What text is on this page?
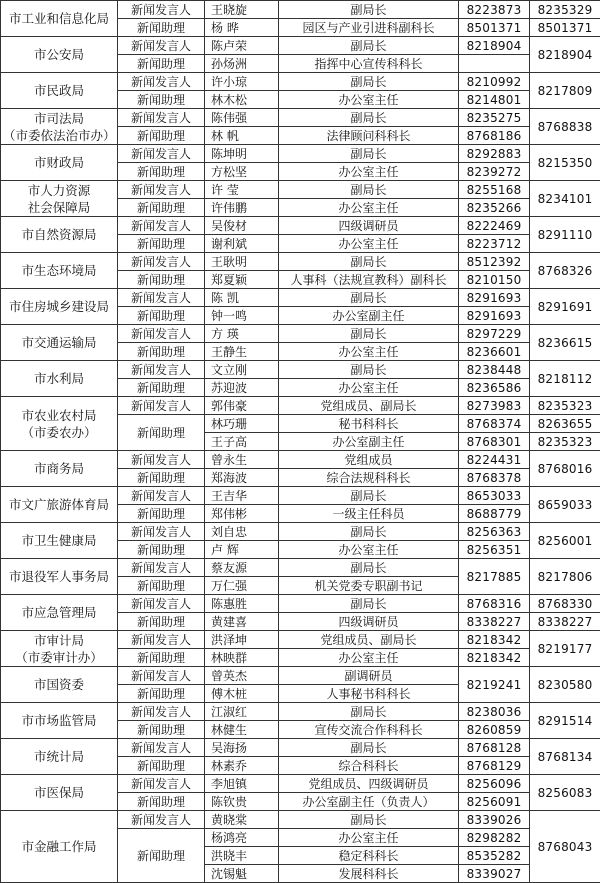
市工业和信息化局	新闻发言人	王晓旋	副局长	8223873	8235329
	新闻助理	杨 晔	园区与产业引进科副科长	8501371	8501371

市公安局	新闻发言人	陈卢荣	副局长	8218904	8218904
	新闻助理	孙炀洲	指挥中心宣传科科长		

市民政局	新闻发言人	许小琼	副局长	8210992	8217809
	新闻助理	林木松	办公室主任	8214801	

市司法局
（市委依法治市办）	新闻发言人	陈伟强	副局长	8235275	8768838
	新闻助理	林 帆	法律顾问科科长	8768186	

市财政局	新闻发言人	陈坤明	副局长	8292883	8215350
	新闻助理	方松坚	办公室主任	8239272	

市人力资源
社会保障局	新闻发言人	许 莹	副局长	8255168	8234101
	新闻助理	许伟鹏	办公室主任	8235266	

市自然资源局	新闻发言人	吴俊材	四级调研员	8222469	8291110
	新闻助理	谢利斌	办公室主任	8223712	

市生态环境局	新闻发言人	王耿明	副局长	8512392	8768326
	新闻助理	郑夏颖	人事科（法规宣教科）副科长	8210150	

市住房城乡建设局	新闻发言人	陈 凯	副局长	8291693	8291691
	新闻助理	钟一鸣	办公室副主任	8291693	

市交通运输局	新闻发言人	方 瑛	副局长	8297229	8236615
	新闻助理	王静生	办公室主任	8236601	

市水利局	新闻发言人	文立刚	副局长	8238448	8218112
	新闻助理	苏迎波	办公室主任	8236586	

市农业农村局
（市委农办）	新闻发言人	郭伟豪	党组成员、副局长	8273983	8235323
	新闻助理	林巧珊	秘书科科长	8768374	8263655
		王子高	办公室副主任	8768301	8235323

市商务局	新闻发言人	曾永生	党组成员	8224431	8768016
	新闻助理	郑海波	综合法规科科长	8768378	

市文广旅游体育局	新闻发言人	王吉华	副局长	8653033	8659033
	新闻助理	郑伟彬	一级主任科员	8688779	

市卫生健康局	新闻发言人	刘自忠	副局长	8256363	8256001
	新闻助理	卢 辉	办公室主任	8256351	

市退役军人事务局	新闻发言人	蔡友源	副局长	8217885	8217806
	新闻助理	万仁强	机关党委专职副书记		

市应急管理局	新闻发言人	陈惠胜	副局长	8768316	8768330
	新闻助理	黄建喜	四级调研员	8338227	8338227

市审计局
（市委审计办）	新闻发言人	洪泽坤	党组成员、副局长	8218342	8219177
	新闻助理	林映群	办公室主任	8218342	

市国资委	新闻发言人	曾英杰	副调研员	8219241	8230580
	新闻助理	傅木桩	人事秘书科科长		

市市场监管局	新闻发言人	江淑红	副局长	8238036	8291514
	新闻助理	林健生	宣传交流合作科科长	8260859	

市统计局	新闻发言人	吴海扬	副局长	8768128	8768134
	新闻助理	林素乔	综合科科长	8768129	

市医保局	新闻发言人	李旭镇	党组成员、四级调研员	8256096	8256083
	新闻助理	陈钦贵	办公室副主任（负责人）	8256091	

市金融工作局	新闻发言人	黄晓棠	副局长	8339026	8768043
	新闻助理	杨鸿亮	办公室主任	8298282	
		洪晓丰	稳定科科长	8535282	
		沈锡魁	发展科科长	8339027	
